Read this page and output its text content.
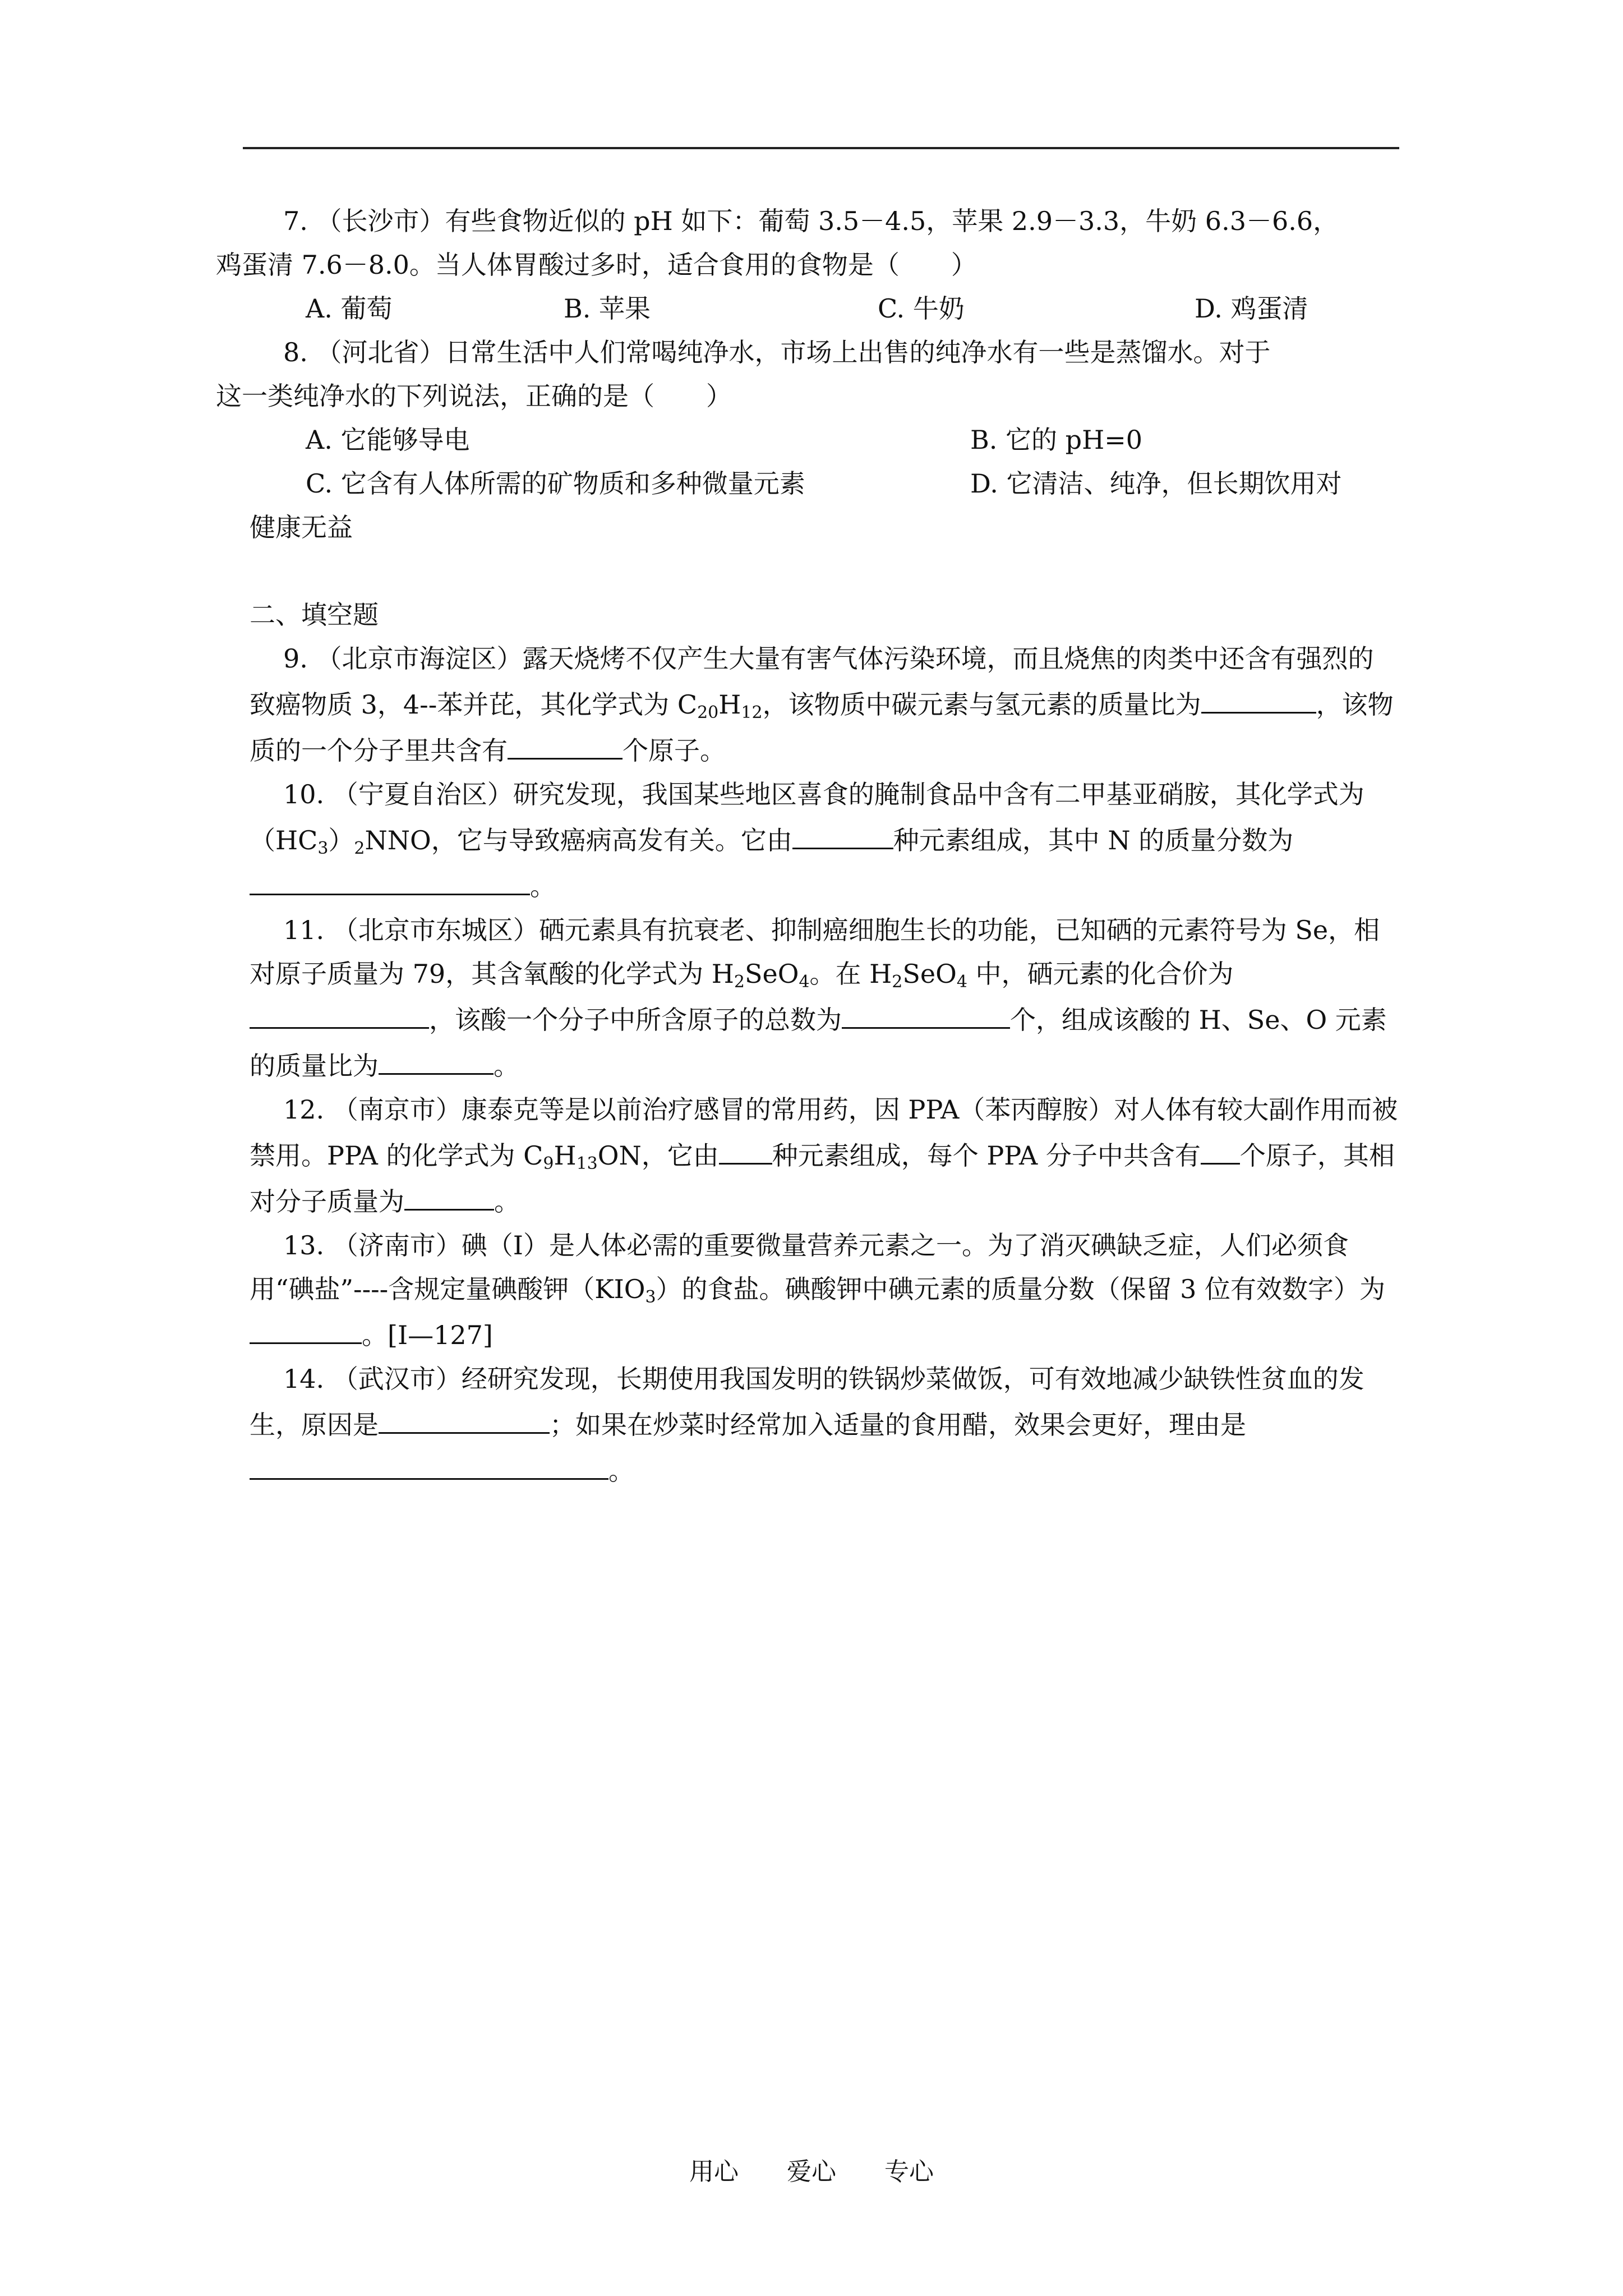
7. （长沙市）有些食物近似的 pH 如下：葡萄 3.5－4.5，苹果 2.9－3.3，牛奶 6.3－6.6，
鸡蛋清 7.6－8.0。当人体胃酸过多时，适合食用的食物是（　　）

A. 葡萄	B. 苹果	C. 牛奶	D. 鸡蛋清

8. （河北省）日常生活中人们常喝纯净水，市场上出售的纯净水有一些是蒸馏水。对于
这一类纯净水的下列说法，正确的是（　　）

A. 它能够导电	B. 它的 pH=0
C. 它含有人体所需的矿物质和多种微量元素	D. 它清洁、纯净，但长期饮用对

健康无益

二、填空题

9. （北京市海淀区）露天烧烤不仅产生大量有害气体污染环境，而且烧焦的肉类中还含有强烈的致癌物质 3，4--苯并芘，其化学式为 $C_{20}H_{12}$，该物质中碳元素与氢元素的质量比为	，该物质的一个分子里共含有	个原子。

10. （宁夏自治区）研究发现，我国某些地区喜食的腌制食品中含有二甲基亚硝胺，其化学式为$(HC_3)_2NNO$，它与导致癌病高发有关。它由	种元素组成，其中 N 的质量分数为。

11. （北京市东城区）硒元素具有抗衰老、抑制癌细胞生长的功能，已知硒的元素符号为 Se，相对原子质量为 79，其含氧酸的化学式为 $H_2SeO_4$。在 $H_2SeO_4$ 中，硒元素的化合价为，该酸一个分子中所含原子的总数为	个，组成该酸的 H、Se、O 元素的质量比为	。

12. （南京市）康泰克等是以前治疗感冒的常用药，因 PPA（苯丙醇胺）对人体有较大副作用而被禁用。PPA 的化学式为 $C_9H_{13}ON$，它由 种元素组成，每个 PPA 分子中共含有 个原子，其相对分子质量为	。

13. （济南市）碘（I）是人体必需的重要微量营养元素之一。为了消灭碘缺乏症，人们必须食用“碘盐”----含规定量碘酸钾$(KIO_3)$的食盐。碘酸钾中碘元素的质量分数（保留 3 位有效数字）为。[I—127]

14. （武汉市）经研究发现，长期使用我国发明的铁锅炒菜做饭，可有效地减少缺铁性贫血的发生，原因是	；如果在炒菜时经常加入适量的食用醋，效果会更好，理由是。

用心 爱心 专心
